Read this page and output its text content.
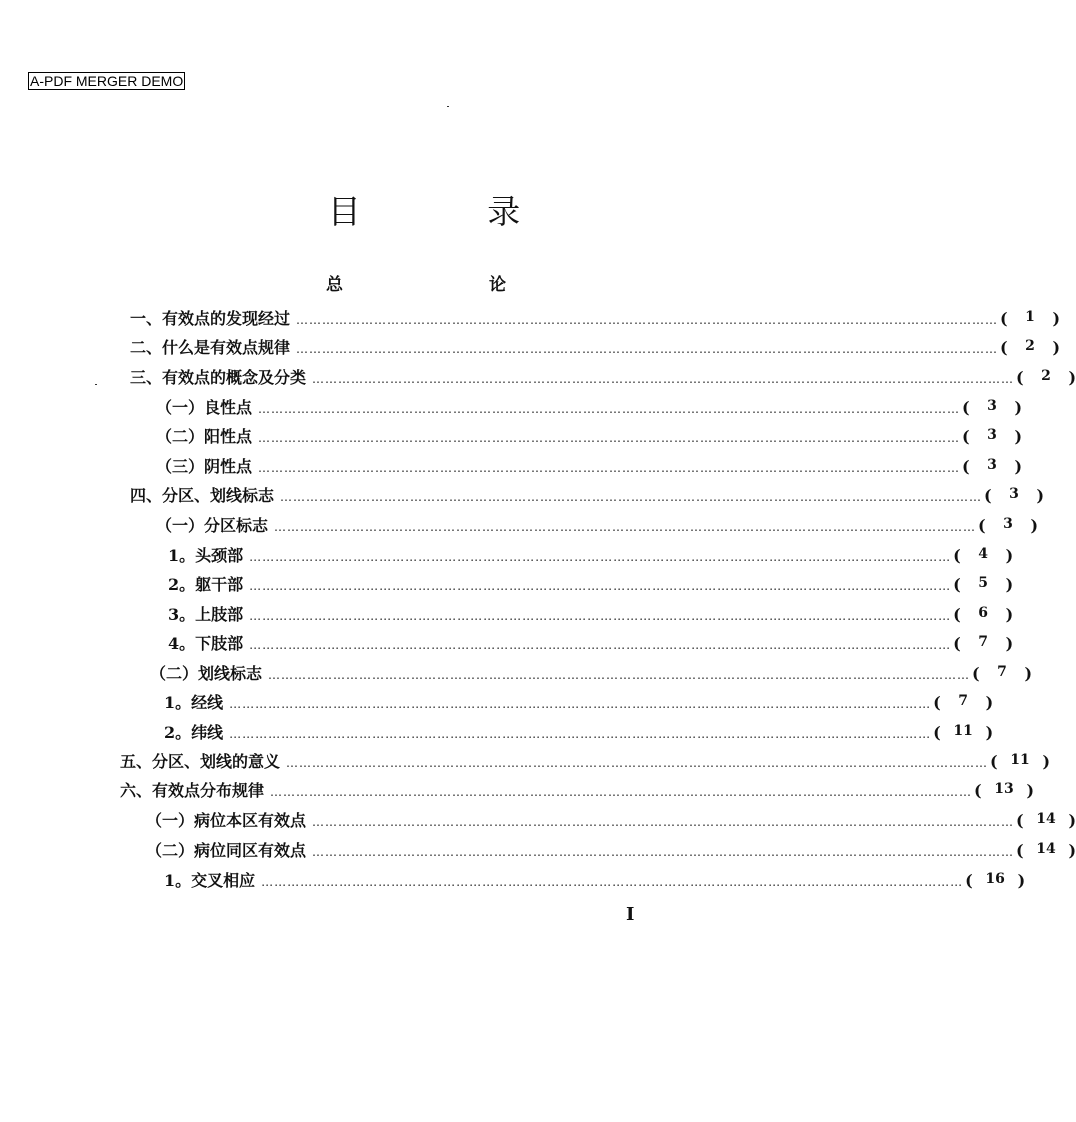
A-PDF MERGER DEMO
目 录
总 论
一、有效点的发现经过 ……………………………………………………………………………………………………………………………………………… (	1	)
二、什么是有效点规律 ……………………………………………………………………………………………………………………………………………… (	2	)
三、有效点的概念及分类 ……………………………………………………………………………………………………………………………………………… (	2	)
（一）良性点 ……………………………………………………………………………………………………………………………………………… (	3	)
（二）阳性点 ……………………………………………………………………………………………………………………………………………… (	3	)
（三）阴性点 ……………………………………………………………………………………………………………………………………………… (	3	)
四、分区、划线标志 ……………………………………………………………………………………………………………………………………………… (	3	)
（一）分区标志 ……………………………………………………………………………………………………………………………………………… (	3	)
1。头颈部 ……………………………………………………………………………………………………………………………………………… (	4	)
2。躯干部 ……………………………………………………………………………………………………………………………………………… (	5	)
3。上肢部 ……………………………………………………………………………………………………………………………………………… (	6	)
4。下肢部 ……………………………………………………………………………………………………………………………………………… (	7	)
（二）划线标志 ……………………………………………………………………………………………………………………………………………… (	7	)
1。经线 ……………………………………………………………………………………………………………………………………………… (	7	)
2。纬线 ……………………………………………………………………………………………………………………………………………… ( 11 )
五、分区、划线的意义 ……………………………………………………………………………………………………………………………………………… ( 11 )
六、有效点分布规律 ……………………………………………………………………………………………………………………………………………… ( 13 )
（一）病位本区有效点 ……………………………………………………………………………………………………………………………………………… ( 14 )
（二）病位同区有效点 ……………………………………………………………………………………………………………………………………………… ( 14 )
1。交叉相应 ……………………………………………………………………………………………………………………………………………… ( 16 )
I
